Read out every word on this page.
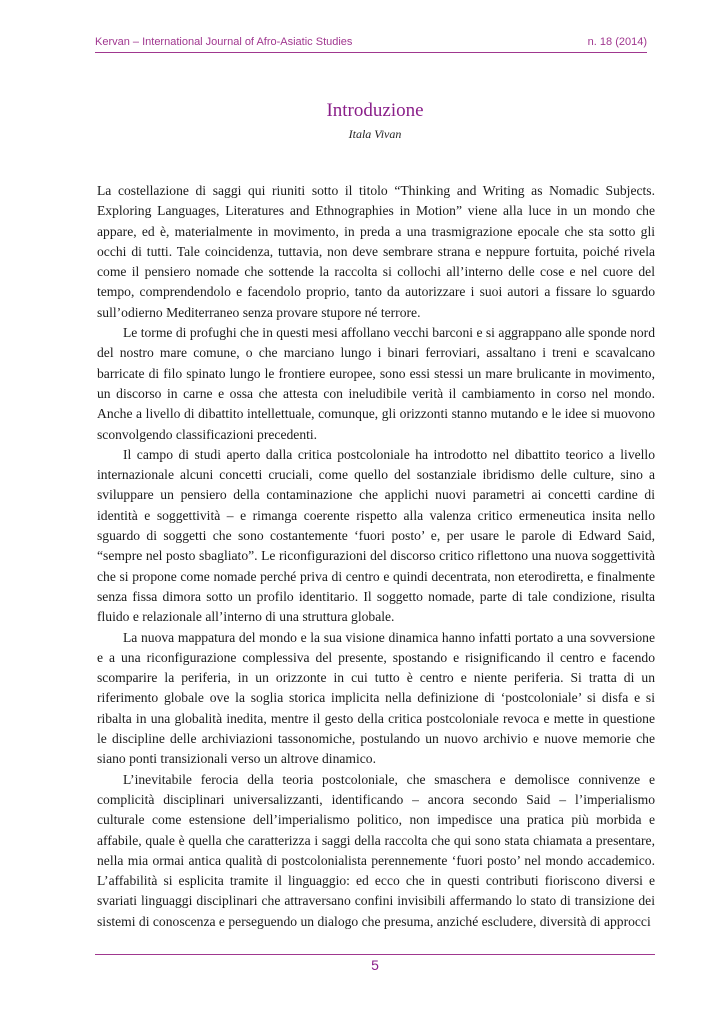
Kervan – International Journal of Afro-Asiatic Studies	n. 18 (2014)
Introduzione
Itala Vivan

La costellazione di saggi qui riuniti sotto il titolo “Thinking and Writing as Nomadic Subjects. Exploring Languages, Literatures and Ethnographies in Motion” viene alla luce in un mondo che appare, ed è, materialmente in movimento, in preda a una trasmigrazione epocale che sta sotto gli occhi di tutti. Tale coincidenza, tuttavia, non deve sembrare strana e neppure fortuita, poiché rivela come il pensiero nomade che sottende la raccolta si collochi all’interno delle cose e nel cuore del tempo, comprendendolo e facendolo proprio, tanto da autorizzare i suoi autori a fissare lo sguardo sull’odierno Mediterraneo senza provare stupore né terrore.

Le torme di profughi che in questi mesi affollano vecchi barconi e si aggrappano alle sponde nord del nostro mare comune, o che marciano lungo i binari ferroviari, assaltano i treni e scavalcano barricate di filo spinato lungo le frontiere europee, sono essi stessi un mare brulicante in movimento, un discorso in carne e ossa che attesta con ineludibile verità il cambiamento in corso nel mondo. Anche a livello di dibattito intellettuale, comunque, gli orizzonti stanno mutando e le idee si muovono sconvolgendo classificazioni precedenti.

Il campo di studi aperto dalla critica postcoloniale ha introdotto nel dibattito teorico a livello internazionale alcuni concetti cruciali, come quello del sostanziale ibridismo delle culture, sino a sviluppare un pensiero della contaminazione che applichi nuovi parametri ai concetti cardine di identità e soggettività – e rimanga coerente rispetto alla valenza critico ermeneutica insita nello sguardo di soggetti che sono costantemente ‘fuori posto’ e, per usare le parole di Edward Said, “sempre nel posto sbagliato”. Le riconfigurazioni del discorso critico riflettono una nuova soggettività che si propone come nomade perché priva di centro e quindi decentrata, non eterodiretta, e finalmente senza fissa dimora sotto un profilo identitario. Il soggetto nomade, parte di tale condizione, risulta fluido e relazionale all’interno di una struttura globale.

La nuova mappatura del mondo e la sua visione dinamica hanno infatti portato a una sovversione e a una riconfigurazione complessiva del presente, spostando e risignificando il centro e facendo scomparire la periferia, in un orizzonte in cui tutto è centro e niente periferia. Si tratta di un riferimento globale ove la soglia storica implicita nella definizione di ‘postcoloniale’ si disfa e si ribalta in una globalità inedita, mentre il gesto della critica postcoloniale revoca e mette in questione le discipline delle archiviazioni tassonomiche, postulando un nuovo archivio e nuove memorie che siano ponti transizionali verso un altrove dinamico.

L’inevitabile ferocia della teoria postcoloniale, che smaschera e demolisce connivenze e complicità disciplinari universalizzanti, identificando – ancora secondo Said – l’imperialismo culturale come estensione dell’imperialismo politico, non impedisce una pratica più morbida e affabile, quale è quella che caratterizza i saggi della raccolta che qui sono stata chiamata a presentare, nella mia ormai antica qualità di postcolonialista perennemente ‘fuori posto’ nel mondo accademico. L’affabilità si esplicita tramite il linguaggio: ed ecco che in questi contributi fioriscono diversi e svariati linguaggi disciplinari che attraversano confini invisibili affermando lo stato di transizione dei sistemi di conoscenza e perseguendo un dialogo che presuma, anziché escludere, diversità di approcci

5
